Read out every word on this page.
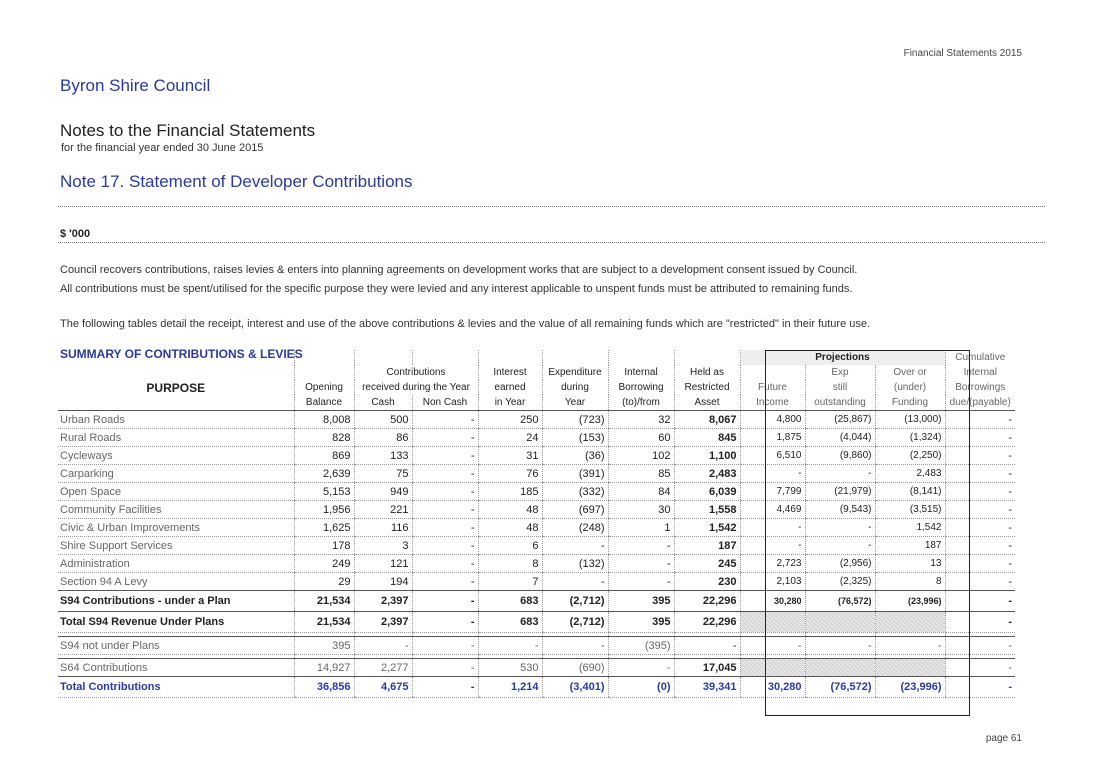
Financial Statements 2015
Byron Shire Council
Notes to the Financial Statements
for the financial year ended 30 June 2015
Note 17. Statement of Developer Contributions
$ '000
Council recovers contributions, raises levies & enters into planning agreements on development works that are subject to a development consent issued by Council.
All contributions must be spent/utilised for the specific purpose they were levied and any interest applicable to unspent funds must be attributed to remaining funds.
The following tables detail the receipt, interest and use of the above contributions & levies and the value of all remaining funds which are "restricted" in their future use.
SUMMARY OF CONTRIBUTIONS & LEVIES
									Projections			Cumulative
		Contributions		Interest	Expenditure	Internal	Held as		Exp	Over or	Internal
PURPOSE	Opening	received during the Year		earned	during	Borrowing	Restricted	Future	still	(under)	Borrowings
	Balance	Cash	Non Cash	in Year	Year	(to)/from	Asset	Income	outstanding	Funding	due/(payable)
Urban Roads	8,008	500	-	250	(723)	32	8,067	4,800	(25,867)	(13,000)	-
Rural Roads	828	86	-	24	(153)	60	845	1,875	(4,044)	(1,324)	-
Cycleways	869	133	-	31	(36)	102	1,100	6,510	(9,860)	(2,250)	-
Carparking	2,639	75	-	76	(391)	85	2,483	-	-	2,483	-
Open Space	5,153	949	-	185	(332)	84	6,039	7,799	(21,979)	(8,141)	-
Community Facilities	1,956	221	-	48	(697)	30	1,558	4,469	(9,543)	(3,515)	-
Civic & Urban Improvements	1,625	116	-	48	(248)	1	1,542	-	-	1,542	-
Shire Support Services	178	3	-	6	-	-	187	-	-	187	-
Administration	249	121	-	8	(132)	-	245	2,723	(2,956)	13	-
Section 94 A Levy	29	194	-	7	-	-	230	2,103	(2,325)	8	-
S94 Contributions - under a Plan	21,534	2,397	-	683	(2,712)	395	22,296	30,280	(76,572)	(23,996)	-
Total S94 Revenue Under Plans	21,534	2,397	-	683	(2,712)	395	22,296				-

S94 not under Plans	395	-	-	-	-	(395)	-	-	-	-	-

S64 Contributions	14,927	2,277	-	530	(690)	-	17,045				-
Total Contributions	36,856	4,675	-	1,214	(3,401)	(0)	39,341	30,280	(76,572)	(23,996)	-
page 61
